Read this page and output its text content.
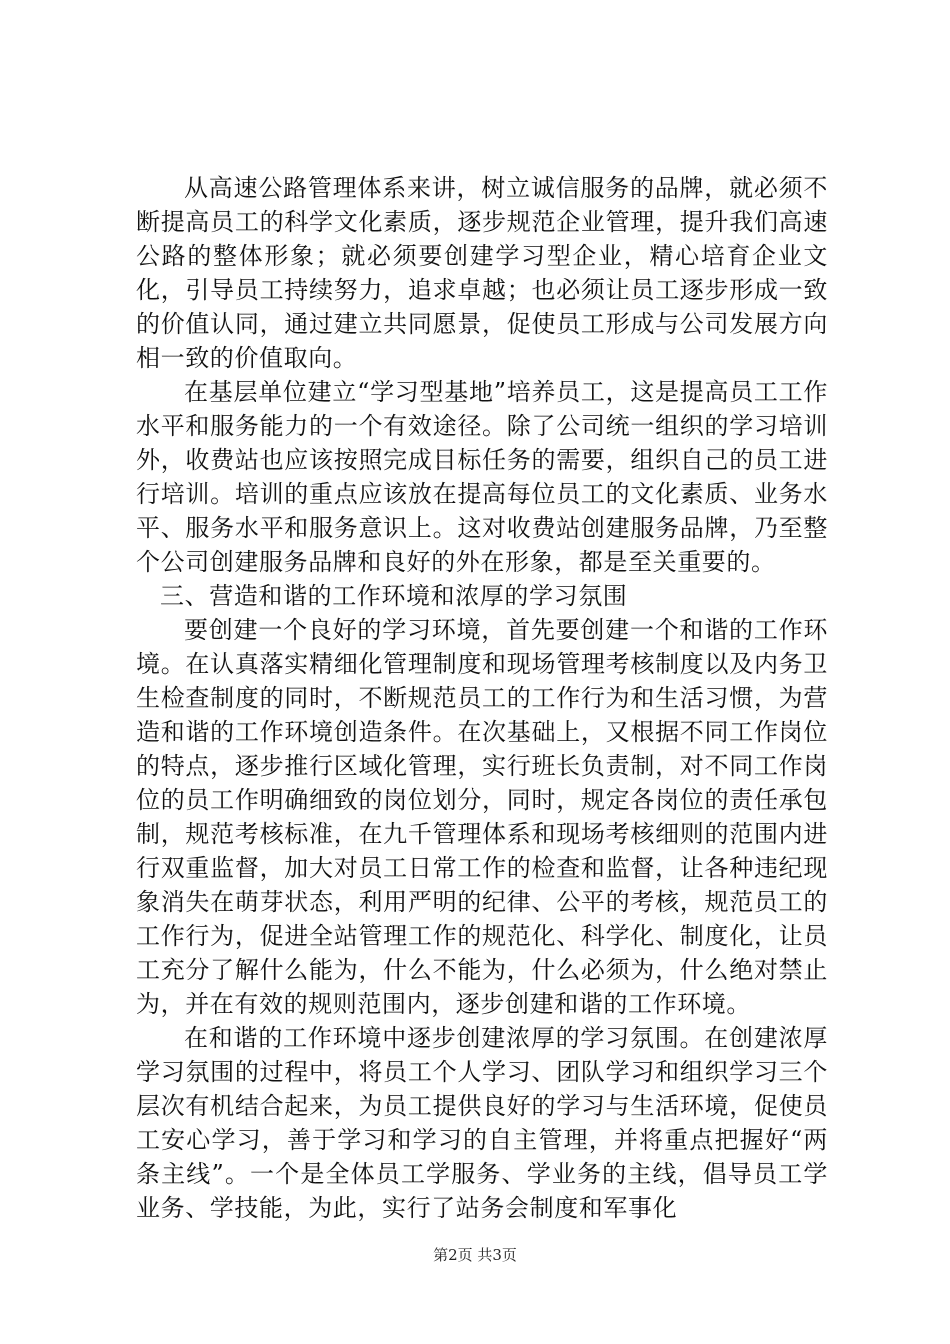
从高速公路管理体系来讲，树立诚信服务的品牌，就必须不断提高员工的科学文化素质，逐步规范企业管理，提升我们高速公路的整体形象；就必须要创建学习型企业，精心培育企业文化，引导员工持续努力，追求卓越；也必须让员工逐步形成一致的价值认同，通过建立共同愿景，促使员工形成与公司发展方向相一致的价值取向。

在基层单位建立“学习型基地”培养员工，这是提高员工工作水平和服务能力的一个有效途径。除了公司统一组织的学习培训外，收费站也应该按照完成目标任务的需要，组织自己的员工进行培训。培训的重点应该放在提高每位员工的文化素质、业务水平、服务水平和服务意识上。这对收费站创建服务品牌，乃至整个公司创建服务品牌和良好的外在形象，都是至关重要的。

三、营造和谐的工作环境和浓厚的学习氛围

要创建一个良好的学习环境，首先要创建一个和谐的工作环境。在认真落实精细化管理制度和现场管理考核制度以及内务卫生检查制度的同时，不断规范员工的工作行为和生活习惯，为营造和谐的工作环境创造条件。在次基础上，又根据不同工作岗位的特点，逐步推行区域化管理，实行班长负责制，对不同工作岗位的员工作明确细致的岗位划分，同时，规定各岗位的责任承包制，规范考核标准，在九千管理体系和现场考核细则的范围内进行双重监督，加大对员工日常工作的检查和监督，让各种违纪现象消失在萌芽状态，利用严明的纪律、公平的考核，规范员工的工作行为，促进全站管理工作的规范化、科学化、制度化，让员工充分了解什么能为，什么不能为，什么必须为，什么绝对禁止为，并在有效的规则范围内，逐步创建和谐的工作环境。

在和谐的工作环境中逐步创建浓厚的学习氛围。在创建浓厚学习氛围的过程中，将员工个人学习、团队学习和组织学习三个层次有机结合起来，为员工提供良好的学习与生活环境，促使员工安心学习，善于学习和学习的自主管理，并将重点把握好“两条主线”。一个是全体员工学服务、学业务的主线，倡导员工学业务、学技能，为此，实行了站务会制度和军事化

第2页 共3页
